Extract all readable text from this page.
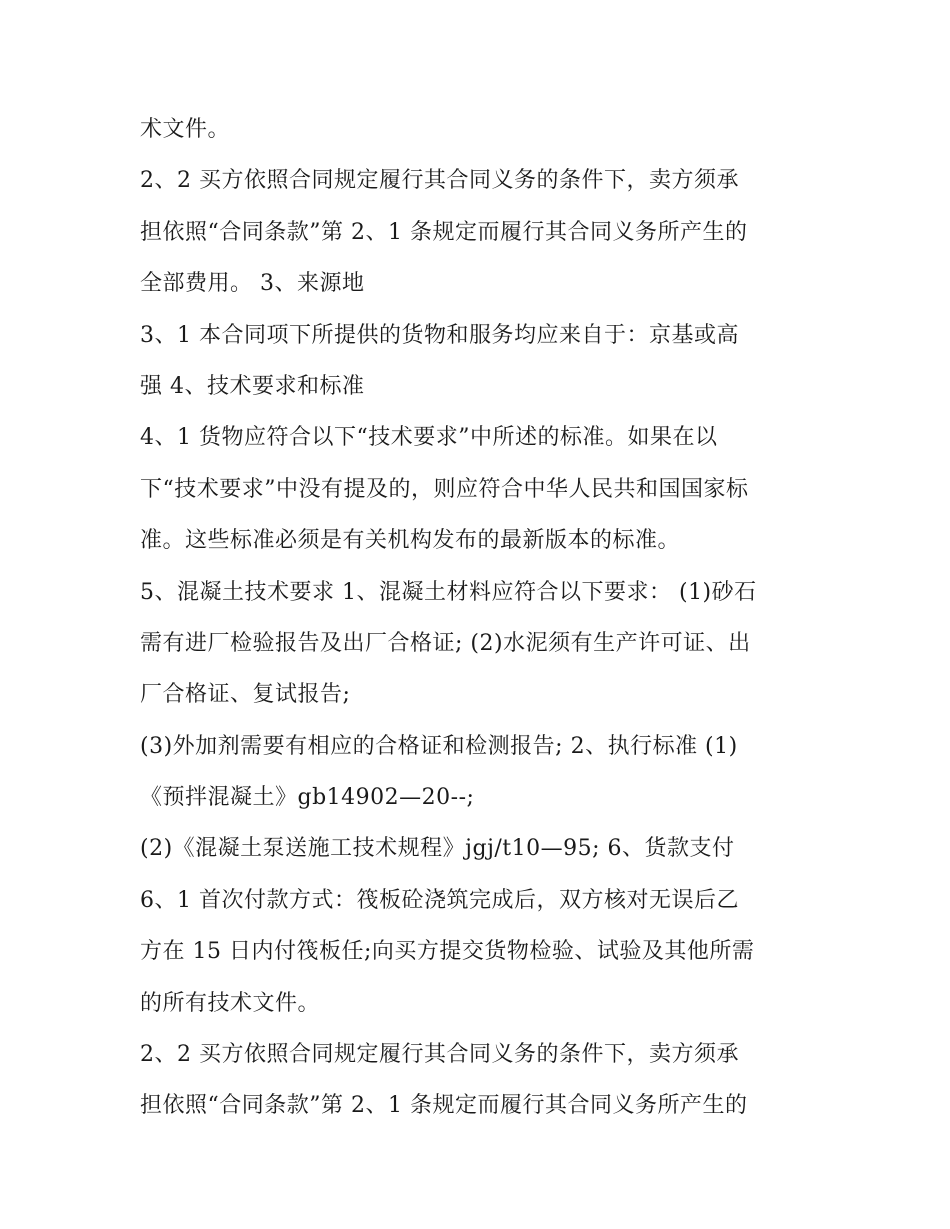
术文件。

2、2 买方依照合同规定履行其合同义务的条件下，卖方须承

担依照“合同条款”第 2、1 条规定而履行其合同义务所产生的

全部费用。 3、来源地

3、1 本合同项下所提供的货物和服务均应来自于：京基或高

强 4、技术要求和标准

4、1 货物应符合以下“技术要求”中所述的标准。如果在以

下“技术要求”中没有提及的，则应符合中华人民共和国国家标

准。这些标准必须是有关机构发布的最新版本的标准。

5、混凝土技术要求 1、混凝土材料应符合以下要求： (1)砂石

需有进厂检验报告及出厂合格证; (2)水泥须有生产许可证、出

厂合格证、复试报告;

(3)外加剂需要有相应的合格证和检测报告; 2、执行标准 (1)

《预拌混凝土》gb14902—20--;

(2)《混凝土泵送施工技术规程》jgj/t10—95; 6、货款支付

6、1 首次付款方式：筏板砼浇筑完成后，双方核对无误后乙

方在 15 日内付筏板任;向买方提交货物检验、试验及其他所需

的所有技术文件。

2、2 买方依照合同规定履行其合同义务的条件下，卖方须承

担依照“合同条款”第 2、1 条规定而履行其合同义务所产生的
